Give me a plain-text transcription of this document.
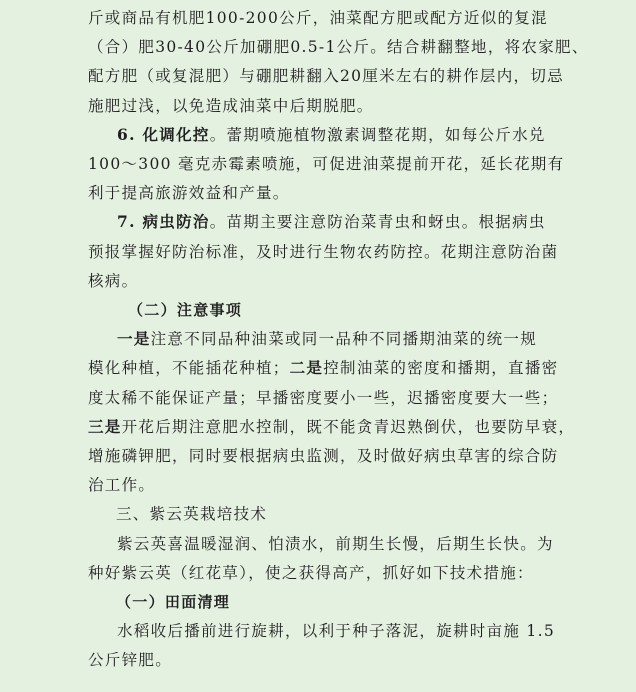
斤或商品有机肥100-200公斤，油菜配方肥或配方近似的复混
（合）肥30-40公斤加硼肥0.5-1公斤。结合耕翻整地，将农家肥、
配方肥（或复混肥）与硼肥耕翻入20厘米左右的耕作层内，切忌
施肥过浅，以免造成油菜中后期脱肥。
6. 化调化控。蕾期喷施植物激素调整花期，如每公斤水兑
100～300 毫克赤霉素喷施，可促进油菜提前开花，延长花期有
利于提高旅游效益和产量。
7. 病虫防治。苗期主要注意防治菜青虫和蚜虫。根据病虫
预报掌握好防治标准，及时进行生物农药防控。花期注意防治菌
核病。
（二）注意事项
一是注意不同品种油菜或同一品种不同播期油菜的统一规
模化种植，不能插花种植；二是控制油菜的密度和播期，直播密
度太稀不能保证产量；早播密度要小一些，迟播密度要大一些；
三是开花后期注意肥水控制，既不能贪青迟熟倒伏，也要防早衰，
增施磷钾肥，同时要根据病虫监测，及时做好病虫草害的综合防
治工作。
三、紫云英栽培技术
紫云英喜温暖湿润、怕渍水，前期生长慢，后期生长快。为
种好紫云英（红花草），使之获得高产，抓好如下技术措施：
（一）田面清理
水稻收后播前进行旋耕，以利于种子落泥，旋耕时亩施 1.5
公斤锌肥。
